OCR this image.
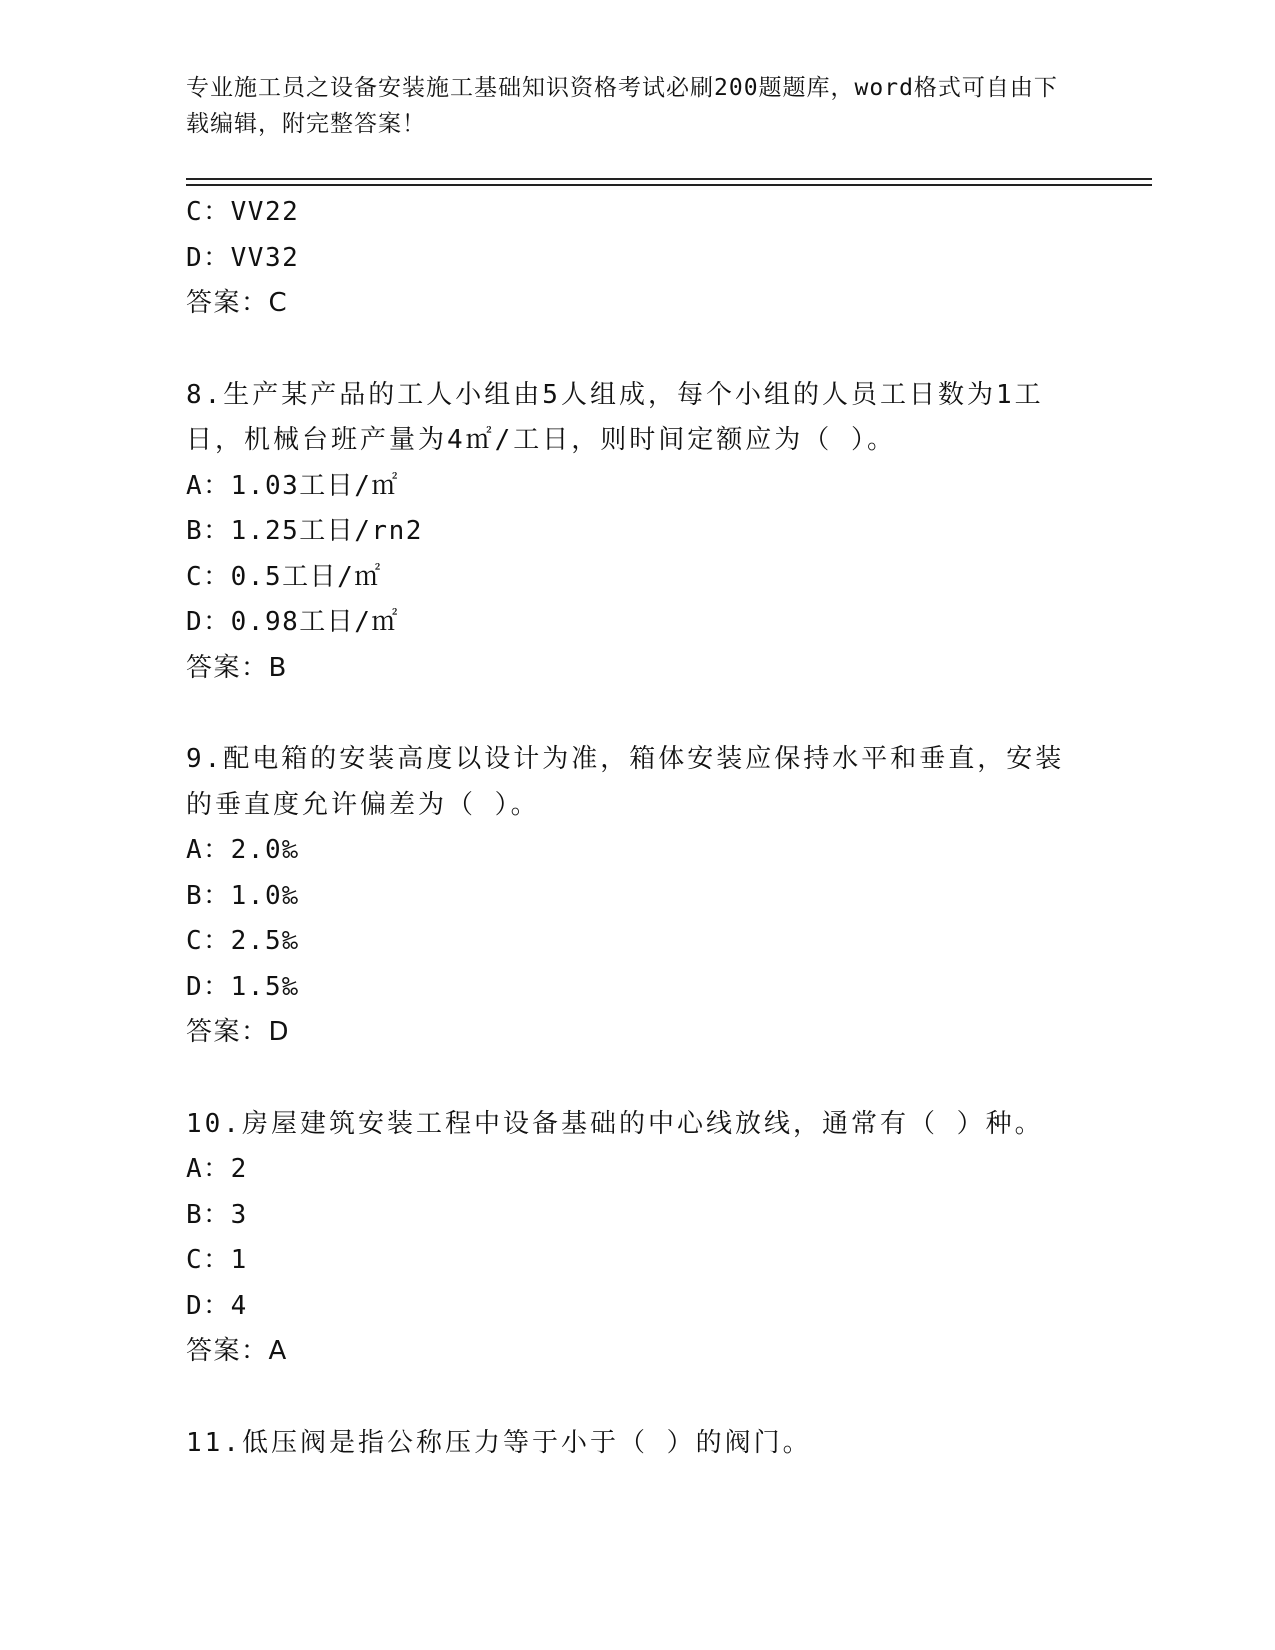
专业施工员之设备安装施工基础知识资格考试必刷200题题库，word格式可自由下载编辑，附完整答案！
C：VV22
D：VV32
答案：C
8.生产某产品的工人小组由5人组成，每个小组的人员工日数为1工日，机械台班产量为4㎡/工日，则时间定额应为（ ）。
A：1.03工日/㎡
B：1.25工日/rn2
C：0.5工日/㎡
D：0.98工日/㎡
答案：B
9.配电箱的安装高度以设计为准，箱体安装应保持水平和垂直，安装的垂直度允许偏差为（ ）。
A：2.0‰
B：1.0‰
C：2.5‰
D：1.5‰
答案：D
10.房屋建筑安装工程中设备基础的中心线放线，通常有（ ）种。
A：2
B：3
C：1
D：4
答案：A
11.低压阀是指公称压力等于小于（ ）的阀门。
